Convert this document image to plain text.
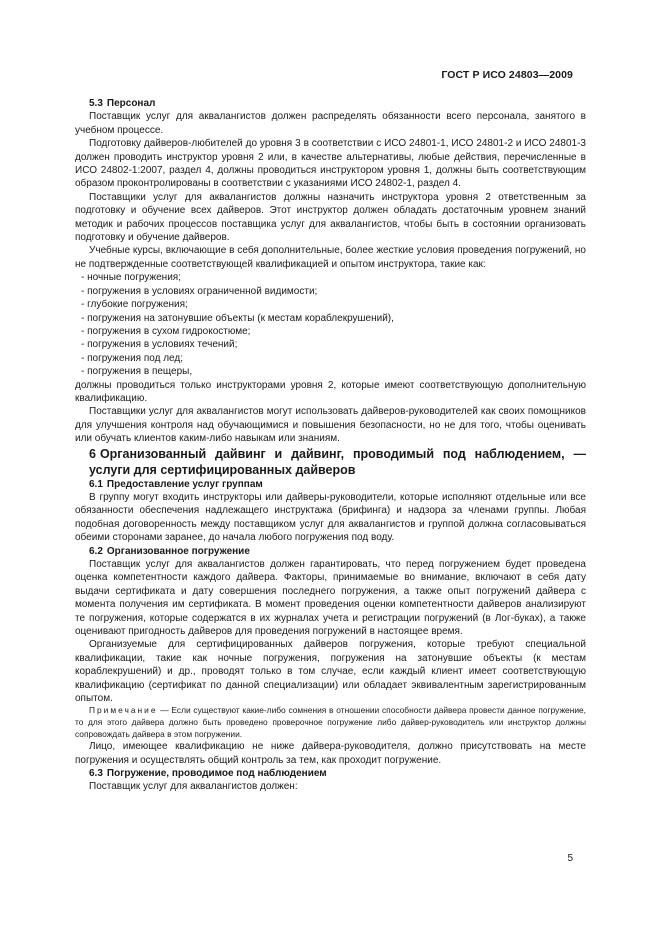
ГОСТ Р ИСО 24803—2009

5.3 Персонал

Поставщик услуг для аквалангистов должен распределять обязанности всего персонала, занятого в учебном процессе.

Подготовку дайверов-любителей до уровня 3 в соответствии с ИСО 24801-1, ИСО 24801-2 и ИСО 24801-3 должен проводить инструктор уровня 2 или, в качестве альтернативы, любые действия, перечисленные в ИСО 24802-1:2007, раздел 4, должны проводиться инструктором уровня 1, должны быть соответствующим образом проконтролированы в соответствии с указаниями ИСО 24802-1, раздел 4.

Поставщики услуг для аквалангистов должны назначить инструктора уровня 2 ответственным за подготовку и обучение всех дайверов. Этот инструктор должен обладать достаточным уровнем знаний методик и рабочих процессов поставщика услуг для аквалангистов, чтобы быть в состоянии организовать подготовку и обучение дайверов.

Учебные курсы, включающие в себя дополнительные, более жесткие условия проведения погружений, но не подтвержденные соответствующей квалификацией и опытом инструктора, такие как:

- ночные погружения;
- погружения в условиях ограниченной видимости;
- глубокие погружения;
- погружения на затонувшие объекты (к местам кораблекрушений),
- погружения в сухом гидрокостюме;
- погружения в условиях течений;
- погружения под лед;
- погружения в пещеры,

должны проводиться только инструкторами уровня 2, которые имеют соответствующую дополнительную квалификацию.

Поставщики услуг для аквалангистов могут использовать дайверов-руководителей как своих помощников для улучшения контроля над обучающимися и повышения безопасности, но не для того, чтобы оценивать или обучать клиентов каким-либо навыкам или знаниям.

6 Организованный дайвинг и дайвинг, проводимый под наблюдением, — услуги для сертифицированных дайверов

6.1 Предоставление услуг группам

В группу могут входить инструкторы или дайверы-руководители, которые исполняют отдельные или все обязанности обеспечения надлежащего инструктажа (брифинга) и надзора за членами группы. Любая подобная договоренность между поставщиком услуг для аквалангистов и группой должна согласовываться обеими сторонами заранее, до начала любого погружения под воду.

6.2 Организованное погружение

Поставщик услуг для аквалангистов должен гарантировать, что перед погружением будет проведена оценка компетентности каждого дайвера. Факторы, принимаемые во внимание, включают в себя дату выдачи сертификата и дату совершения последнего погружения, а также опыт погружений дайвера с момента получения им сертификата. В момент проведения оценки компетентности дайверов анализируют те погружения, которые содержатся в их журналах учета и регистрации погружений (в Лог-буках), а также оценивают пригодность дайверов для проведения погружений в настоящее время.

Организуемые для сертифицированных дайверов погружения, которые требуют специальной квалификации, такие как ночные погружения, погружения на затонувшие объекты (к местам кораблекрушений) и др., проводят только в том случае, если каждый клиент имеет соответствующую квалификацию (сертификат по данной специализации) или обладает эквивалентным зарегистрированным опытом.

Примечание — Если существуют какие-либо сомнения в отношении способности дайвера провести данное погружение, то для этого дайвера должно быть проведено проверочное погружение либо дайвер-руководитель или инструктор должны сопровождать дайвера в этом погружении.

Лицо, имеющее квалификацию не ниже дайвера-руководителя, должно присутствовать на месте погружения и осуществлять общий контроль за тем, как проходит погружение.

6.3 Погружение, проводимое под наблюдением

Поставщик услуг для аквалангистов должен:

5
